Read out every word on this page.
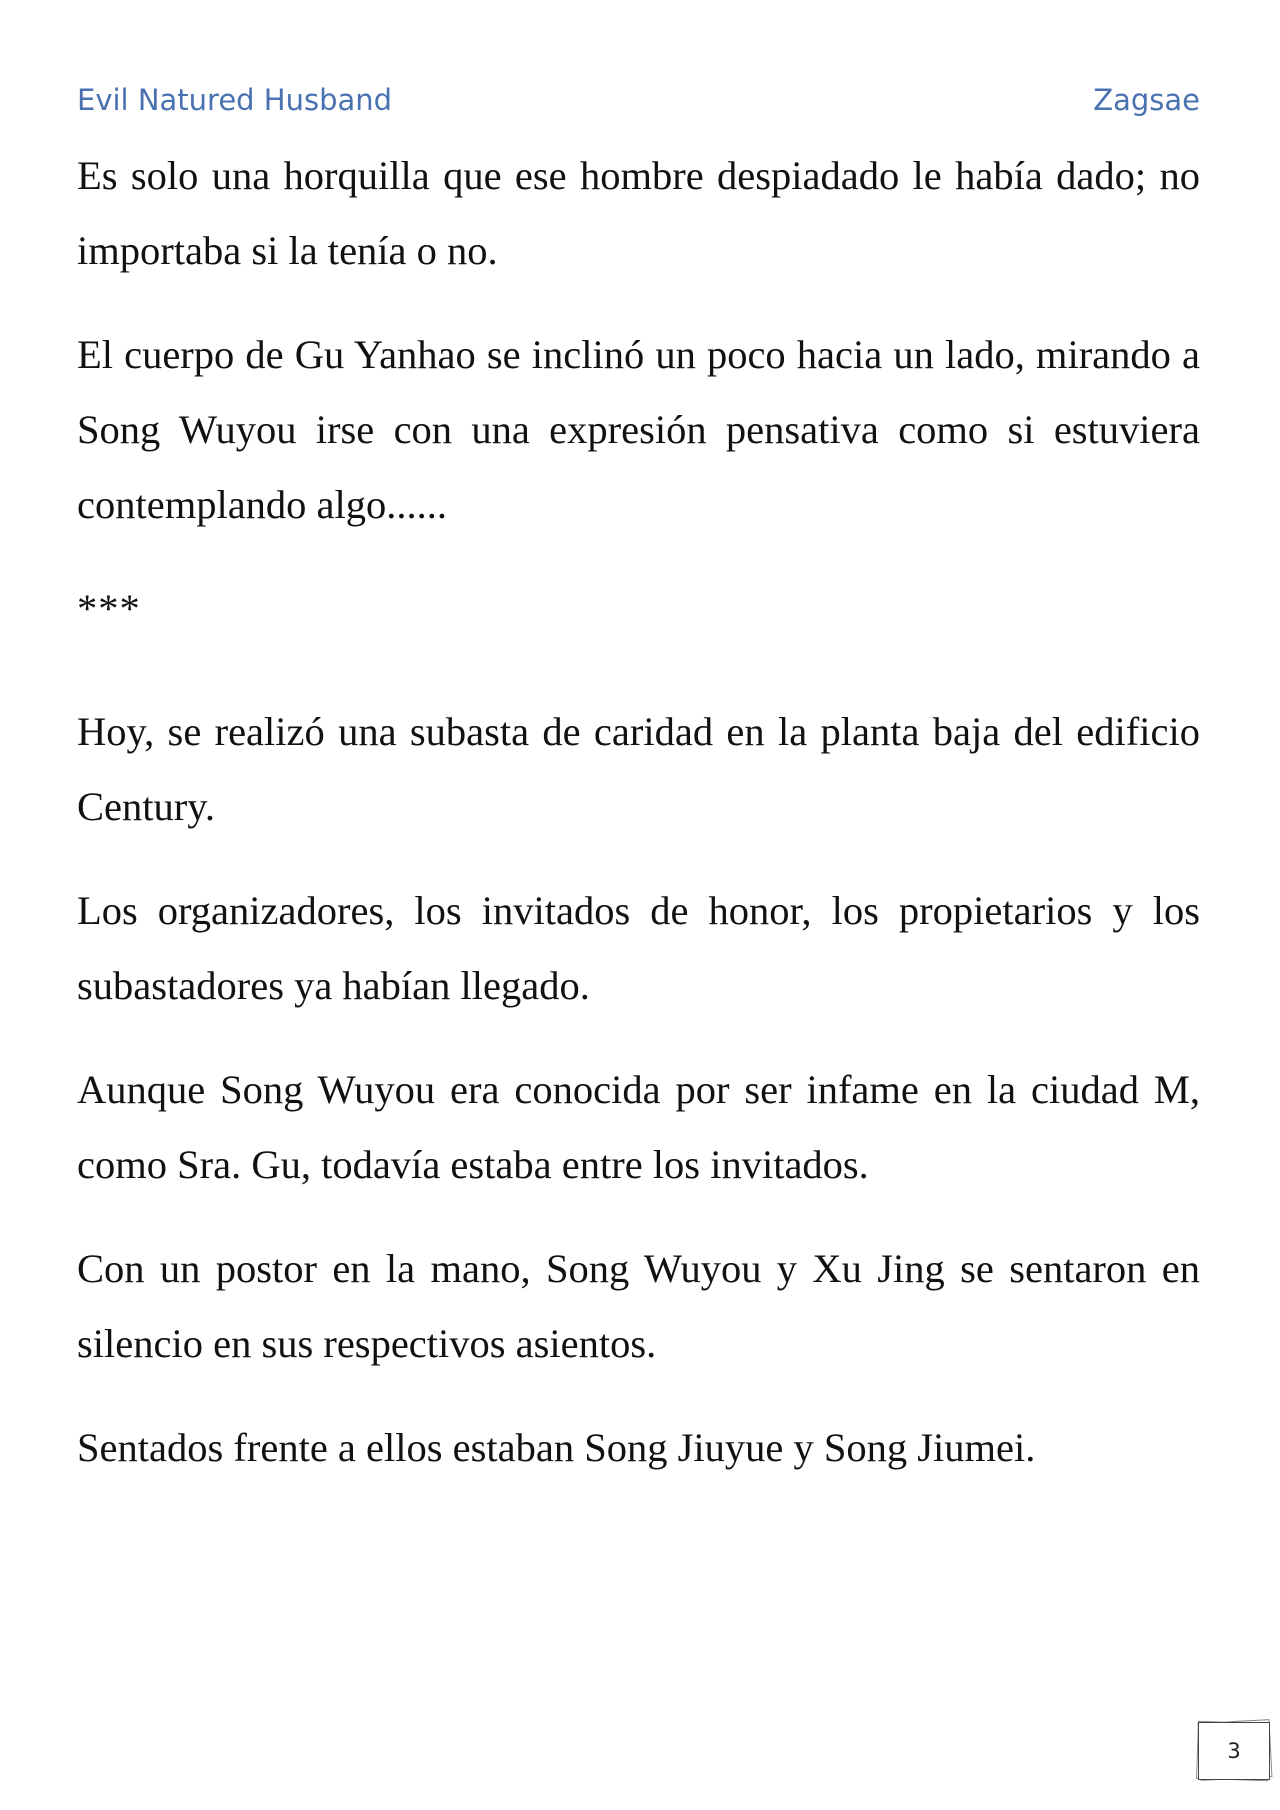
Evil Natured Husband	Zagsae

Es solo una horquilla que ese hombre despiadado le había dado; no importaba si la tenía o no.

El cuerpo de Gu Yanhao se inclinó un poco hacia un lado, mirando a Song Wuyou irse con una expresión pensativa como si estuviera contemplando algo......

***

Hoy, se realizó una subasta de caridad en la planta baja del edificio Century.

Los organizadores, los invitados de honor, los propietarios y los subastadores ya habían llegado.

Aunque Song Wuyou era conocida por ser infame en la ciudad M, como Sra. Gu, todavía estaba entre los invitados.

Con un postor en la mano, Song Wuyou y Xu Jing se sentaron en silencio en sus respectivos asientos.

Sentados frente a ellos estaban Song Jiuyue y Song Jiumei.

3
